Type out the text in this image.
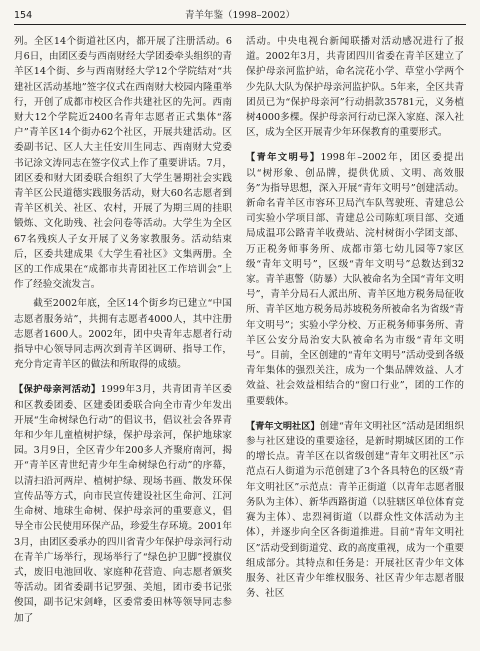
154	青羊年鉴（1998–2002）

列。全区14个街道社区内，都开展了注册活动。6月6日，由团区委与西南财经大学团委牵头组织的青羊区14个街、乡与西南财经大学12个学院结对“共建社区活动基地”签字仪式在西南财大校园内隆重举行，开创了成都市校区合作共建社区的先河。西南财大12个学院近2400名青年志愿者正式集体“落户”青羊区14个街办62个社区，开展共建活动。区委副书记、区人大主任安川生同志、西南财大党委书记涂文涛同志在签字仪式上作了重要讲话。7月，团区委和财大团委联合组织了大学生暑期社会实践青羊区公民道德实践服务活动，财大60名志愿者到青羊区机关、社区、农村，开展了为期三周的挂职锻炼、文化助残、社会问卷等活动。大学生为全区67名残疾人子女开展了义务家教服务。活动结束后，区委共建成果《大学生看社区》文集两册。全区的工作成果在“成都市共青团社区工作培训会”上作了经验交流发言。

截至2002年底，全区14个街乡均已建立“中国志愿者服务站”，共拥有志愿者4000人，其中注册志愿者1600人。2002年，团中央青年志愿者行动指导中心领导同志两次到青羊区调研、指导工作，充分肯定青羊区的做法和所取得的成绩。

【保护母亲河活动】1999年3月，共青团青羊区委和区教委团委、区建委团委联合向全市青少年发出开展“生命树绿色行动”的倡议书，倡议社会各界青年和少年儿童植树护绿，保护母亲河，保护地球家园。3月9日，全区青少年200多人齐聚府南河，揭开“青羊区青世纪青少年生命树绿色行动”的序幕，以清扫沿河两岸、植树护绿、现场书画、散发环保宣传品等方式，向市民宣传建设社区生命河、江河生命树、地球生命树、保护母亲河的重要意义，倡导全市公民使用环保产品，珍爱生存环境。2001年3月，由团区委承办的四川省青少年保护母亲河行动在青羊广场举行，现场举行了“绿色护卫脚”授旗仪式，废旧电池回收、家庭种花营造、向志愿者颁奖等活动。团省委副书记罗强、美旭，团市委书记张俊国，副书记宋剑峰，区委常委田林等领导同志参加了

活动。中央电视台新闻联播对活动感况进行了报道。2002年3月，共青团四川省委在青羊区建立了保护母亲河监护站，命名浣花小学、草堂小学两个少先队大队为保护母亲河监护队。5年来，全区共青团员已为“保护母亲河”行动捐款35781元，义务植树4000多棵。保护母亲河行动已深入家庭、深入社区，成为全区开展青少年环保教育的重要形式。

【青年文明号】1998年–2002年，团区委提出以“树形象、创品牌，提供优质、文明、高效服务”为指导思想，深入开展“青年文明号”创建活动。新命名青羊区市容环卫局汽车队驾驶班、青建总公司实验小学项目部、青建总公司陈虹项目部、交通局成温邛公路青羊收费站、浣村树街小学团支部、万正税务师事务所、成都市第七幼儿园等7家区级“青年文明号”，区级“青年文明号”总数达到32家。青羊惠警（防暴）大队被命名为全国“青年文明号”，青羊分局石人派出所、青羊区地方税务局征收所、青羊区地方税务局苏坡税务所被命名为省级“青年文明号”；实验小学分校、万正税务师事务所、青羊区公安分局治安大队被命名为市级“青年文明号”。目前，全区创建的“青年文明号”活动受到各级青年集体的强烈关注，成为一个集品牌效益、人才效益、社会效益相结合的“窗口行业”，团的工作的重要载体。

【青年文明社区】创建“青年文明社区”活动是团组织参与社区建设的重要途径，是新时期城区团的工作的增长点。青羊区在以省级创建“青年文明社区”示范点石人街道为示范创建了3个各具特色的区级“青年文明社区”示范点：青羊正街道（以青年志愿者服务队为主体）、新华西路街道（以驻辖区单位体育竞赛为主体）、忠烈祠街道（以群众性文体活动为主体），并逐步向全区各街道推进。目前“青年文明社区”活动受到街道党、政的高度重视，成为一个重要组成部分。其特点和任务是：开展社区青少年文体服务、社区青少年维权服务、社区青少年志愿者服务、社区
